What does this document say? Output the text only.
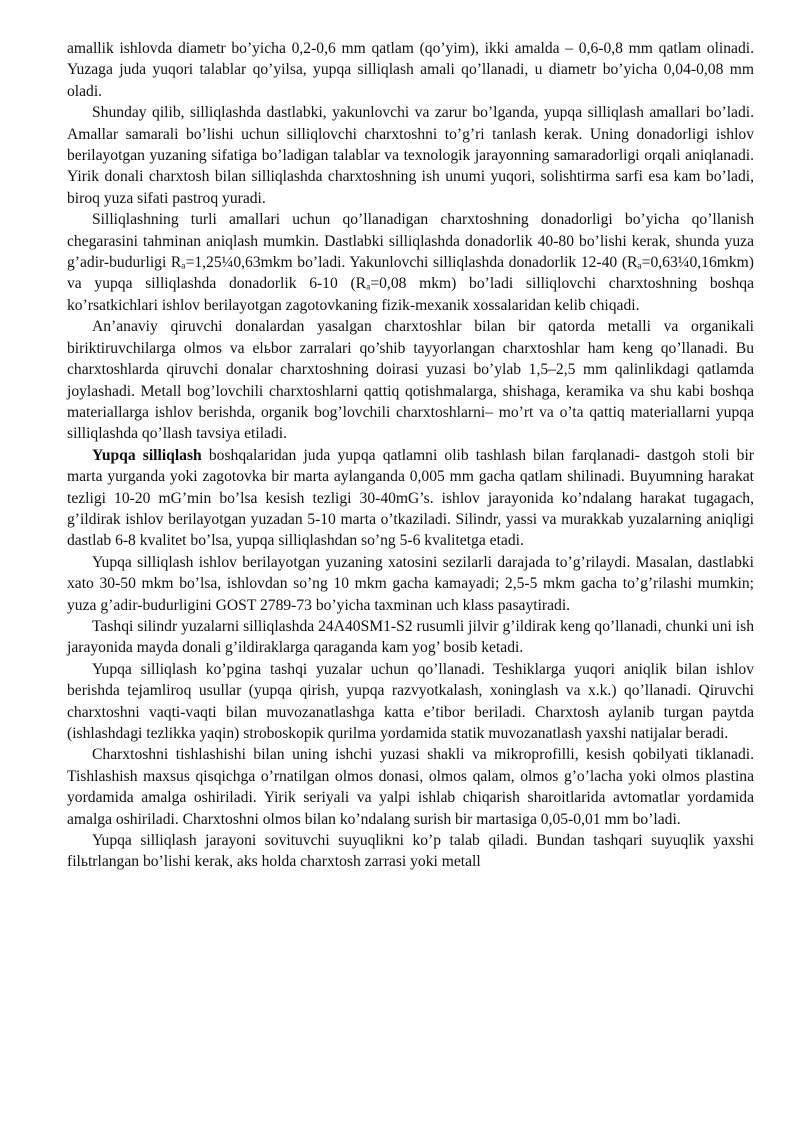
amallik ishlovda diametr bo’yicha 0,2-0,6 mm qatlam (qo’yim), ikki amalda – 0,6-0,8 mm qatlam olinadi. Yuzaga juda yuqori talablar qo’yilsa, yupqa silliqlash amali qo’llanadi, u diametr bo’yicha 0,04-0,08 mm oladi.

Shunday qilib, silliqlashda dastlabki, yakunlovchi va zarur bo’lganda, yupqa silliqlash amallari bo’ladi. Amallar samarali bo’lishi uchun silliqlovchi charxtoshni to’g’ri tanlash kerak. Uning donadorligi ishlov berilayotgan yuzaning sifatiga bo’ladigan talablar va texnologik jarayonning samaradorligi orqali aniqlanadi. Yirik donali charxtosh bilan silliqlashda charxtoshning ish unumi yuqori, solishtirma sarfi esa kam bo’ladi, biroq yuza sifati pastroq yuradi.

Silliqlashning turli amallari uchun qo’llanadigan charxtoshning donadorligi bo’yicha qo’llanish chegarasini tahminan aniqlash mumkin. Dastlabki silliqlashda donadorlik 40-80 bo’lishi kerak, shunda yuza g’adir-budurligi Rₐ=1,25¼0,63mkm bo’ladi. Yakunlovchi silliqlashda donadorlik 12-40 (Rₐ=0,63¼0,16mkm) va yupqa silliqlashda donadorlik 6-10 (Rₐ=0,08 mkm) bo’ladi silliqlovchi charxtoshning boshqa ko’rsatkichlari ishlov berilayotgan zagotovkaning fizik-mexanik xossalaridan kelib chiqadi.

An’anaviy qiruvchi donalardan yasalgan charxtoshlar bilan bir qatorda metalli va organikali biriktiruvchilarga olmos va elьbor zarralari qo’shib tayyorlangan charxtoshlar ham keng qo’llanadi. Bu charxtoshlarda qiruvchi donalar charxtoshning doirasi yuzasi bo’ylab 1,5–2,5 mm qalinlikdagi qatlamda joylashadi. Metall bog’lovchili charxtoshlarni qattiq qotishmalarga, shishaga, keramika va shu kabi boshqa materiallarga ishlov berishda, organik bog’lovchili charxtoshlarni– mo’rt va o’ta qattiq materiallarni yupqa silliqlashda qo’llash tavsiya etiladi.

Yupqa silliqlash boshqalaridan juda yupqa qatlamni olib tashlash bilan farqlanadi- dastgoh stoli bir marta yurganda yoki zagotovka bir marta aylanganda 0,005 mm gacha qatlam shilinadi. Buyumning harakat tezligi 10-20 mG’min bo’lsa kesish tezligi 30-40mG’s. ishlov jarayonida ko’ndalang harakat tugagach, g’ildirak ishlov berilayotgan yuzadan 5-10 marta o’tkaziladi. Silindr, yassi va murakkab yuzalarning aniqligi dastlab 6-8 kvalitet bo’lsa, yupqa silliqlashdan so’ng 5-6 kvalitetga etadi.

Yupqa silliqlash ishlov berilayotgan yuzaning xatosini sezilarli darajada to’g’rilaydi. Masalan, dastlabki xato 30-50 mkm bo’lsa, ishlovdan so’ng 10 mkm gacha kamayadi; 2,5-5 mkm gacha to’g’rilashi mumkin; yuza g’adir-budurligini GOST 2789-73 bo’yicha taxminan uch klass pasaytiradi.

Tashqi silindr yuzalarni silliqlashda 24A40SM1-S2 rusumli jilvir g’ildirak keng qo’llanadi, chunki uni ish jarayonida mayda donali g’ildiraklarga qaraganda kam yog’ bosib ketadi.

Yupqa silliqlash ko’pgina tashqi yuzalar uchun qo’llanadi. Teshiklarga yuqori aniqlik bilan ishlov berishda tejamliroq usullar (yupqa qirish, yupqa razvyotkalash, xoninglash va x.k.) qo’llanadi. Qiruvchi charxtoshni vaqti-vaqti bilan muvozanatlashga katta e’tibor beriladi. Charxtosh aylanib turgan paytda (ishlashdagi tezlikka yaqin) stroboskopik qurilma yordamida statik muvozanatlash yaxshi natijalar beradi.

Charxtoshni tishlashishi bilan uning ishchi yuzasi shakli va mikroprofilli, kesish qobilyati tiklanadi. Tishlashish maxsus qisqichga o’rnatilgan olmos donasi, olmos qalam, olmos g’o’lacha yoki olmos plastina yordamida amalga oshiriladi. Yirik seriyali va yalpi ishlab chiqarish sharoitlarida avtomatlar yordamida amalga oshiriladi. Charxtoshni olmos bilan ko’ndalang surish bir martasiga 0,05-0,01 mm bo’ladi.

Yupqa silliqlash jarayoni sovituvchi suyuqlikni ko’p talab qiladi. Bundan tashqari suyuqlik yaxshi filьtrlangan bo’lishi kerak, aks holda charxtosh zarrasi yoki metall
